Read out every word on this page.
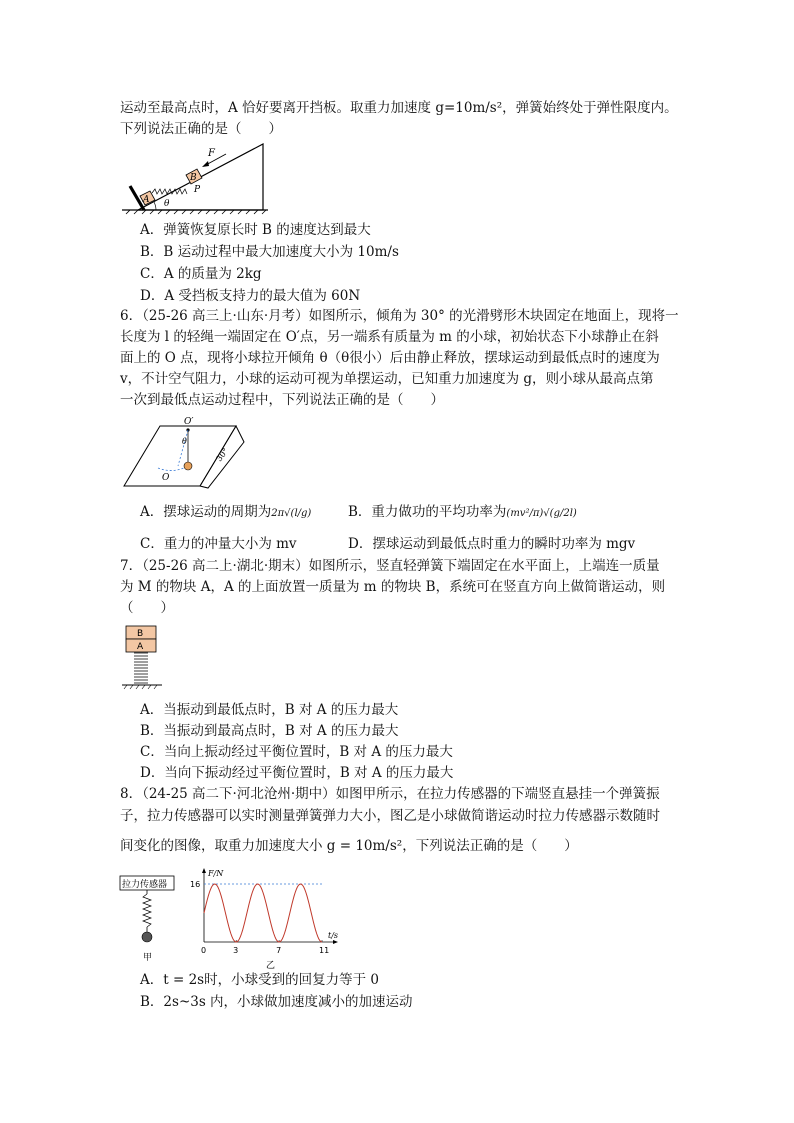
运动至最高点时，A 恰好要离开挡板。取重力加速度 g=10m/s²，弹簧始终处于弹性限度内。
下列说法正确的是（　　）
A
B
F
P
θ
A．弹簧恢复原长时 B 的速度达到最大
B．B 运动过程中最大加速度大小为 10m/s
C．A 的质量为 2kg
D．A 受挡板支持力的最大值为 60N
6．（25-26 高三上·山东·月考）如图所示，倾角为 30° 的光滑劈形木块固定在地面上，现将一
长度为 l 的轻绳一端固定在 O′点，另一端系有质量为 m 的小球，初始状态下小球静止在斜
面上的 O 点，现将小球拉开倾角 θ（θ很小）后由静止释放，摆球运动到最低点时的速度为
v，不计空气阻力，小球的运动可视为单摆运动，已知重力加速度为 g，则小球从最高点第
一次到最低点运动过程中，下列说法正确的是（　　）
O′
θ
O
30°
A．摆球运动的周期为2π√(l/g)	B．重力做功的平均功率为(mv²/π)√(g/2l)
C．重力的冲量大小为 mv	D．摆球运动到最低点时重力的瞬时功率为 mgv
7．（25-26 高二上·湖北·期末）如图所示，竖直轻弹簧下端固定在水平面上，上端连一质量
为 M 的物块 A，A 的上面放置一质量为 m 的物块 B，系统可在竖直方向上做简谐运动，则
（　　）
B
A
A．当振动到最低点时，B 对 A 的压力最大
B．当振动到最高点时，B 对 A 的压力最大
C．当向上振动经过平衡位置时，B 对 A 的压力最大
D．当向下振动经过平衡位置时，B 对 A 的压力最大
8．（24-25 高二下·河北沧州·期中）如图甲所示，在拉力传感器的下端竖直悬挂一个弹簧振
子，拉力传感器可以实时测量弹簧弹力大小，图乙是小球做简谐运动时拉力传感器示数随时
间变化的图像，取重力加速度大小 g = 10m/s²，下列说法正确的是（　　）
拉力传感器
甲
F/N
t/s
16
0	3	7	11
乙
A．t = 2s时，小球受到的回复力等于 0
B．2s~3s 内，小球做加速度减小的加速运动
